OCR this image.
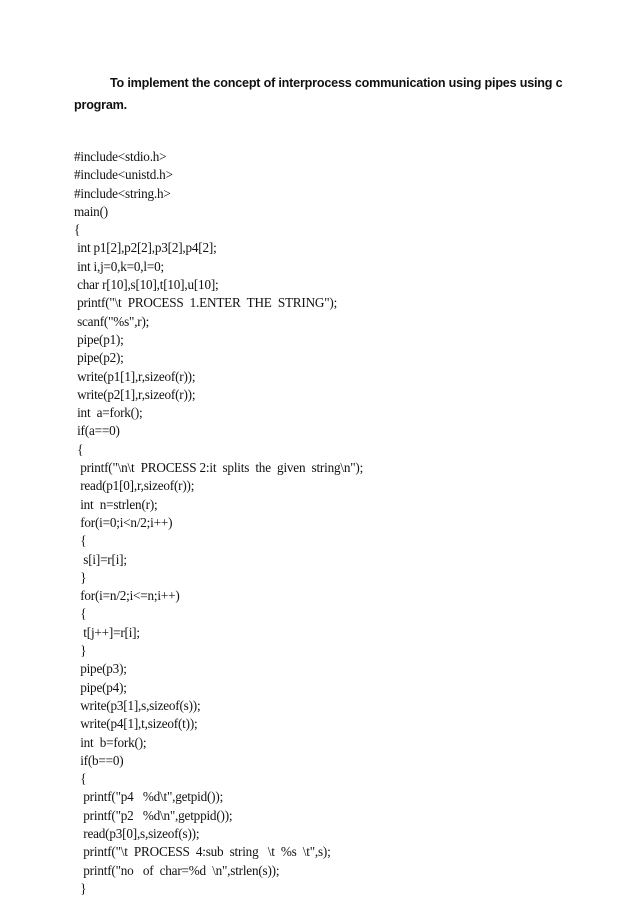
To implement the concept of interprocess communication using pipes using c
program.
#include<stdio.h>
#include<unistd.h>
#include<string.h>
main()
{
int p1[2],p2[2],p3[2],p4[2];
int i,j=0,k=0,l=0;
char r[10],s[10],t[10],u[10];
printf("\t  PROCESS  1.ENTER  THE  STRING");
scanf("%s",r);
pipe(p1);
pipe(p2);
write(p1[1],r,sizeof(r));
write(p2[1],r,sizeof(r));
int  a=fork();
if(a==0)
{
printf("\n\t  PROCESS 2:it  splits  the  given  string\n");
read(p1[0],r,sizeof(r));
int  n=strlen(r);
for(i=0;i<n/2;i++)
{
s[i]=r[i];
}
for(i=n/2;i<=n;i++)
{
t[j++]=r[i];
}
pipe(p3);
pipe(p4);
write(p3[1],s,sizeof(s));
write(p4[1],t,sizeof(t));
int  b=fork();
if(b==0)
{
printf("p4   %d\t",getpid());
printf("p2   %d\n",getppid());
read(p3[0],s,sizeof(s));
printf("\t  PROCESS  4:sub  string   \t  %s  \t",s);
printf("no   of  char=%d  \n",strlen(s));
}
